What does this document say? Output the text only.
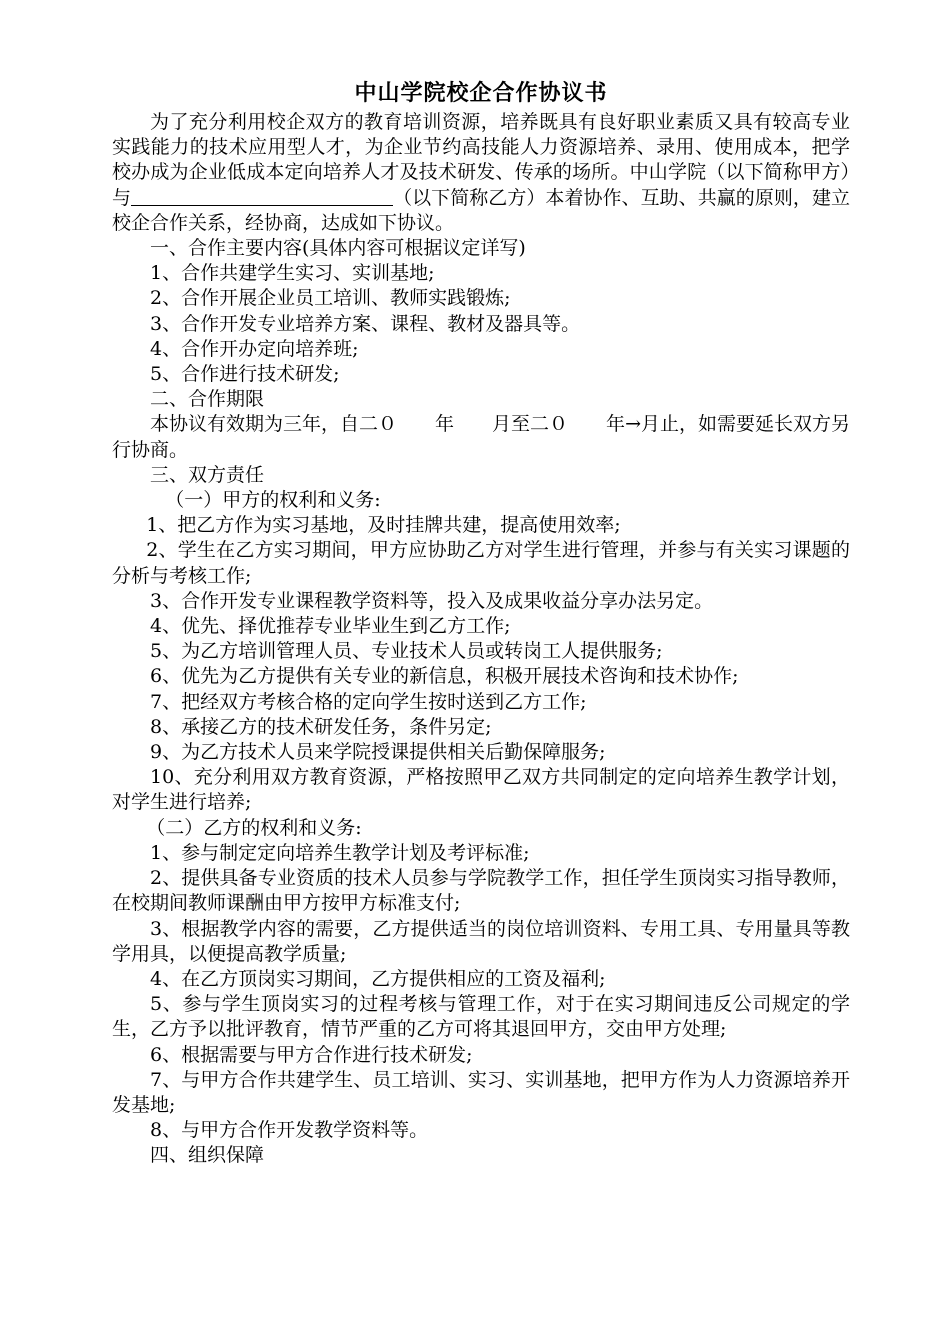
中山学院校企合作协议书

为了充分利用校企双方的教育培训资源，培养既具有良好职业素质又具有较高专业实践能力的技术应用型人才，为企业节约高技能人力资源培养、录用、使用成本，把学校办成为企业低成本定向培养人才及技术研发、传承的场所。中山学院（以下简称甲方）与	（以下简称乙方）本着协作、互助、共赢的原则，建立校企合作关系，经协商，达成如下协议。

一、合作主要内容(具体内容可根据议定详写)

1、合作共建学生实习、实训基地;

2、合作开展企业员工培训、教师实践锻炼;

3、合作开发专业培养方案、课程、教材及器具等。

4、合作开办定向培养班;

5、合作进行技术研发;

二、合作期限

本协议有效期为三年，自二０ 年 月至二０ 年→月止，如需要延长双方另行协商。

三、双方责任

（一）甲方的权利和义务:

1、把乙方作为实习基地，及时挂牌共建，提高使用效率;

2、学生在乙方实习期间，甲方应协助乙方对学生进行管理，并参与有关实习课题的分析与考核工作;

3、合作开发专业课程教学资料等，投入及成果收益分享办法另定。

4、优先、择优推荐专业毕业生到乙方工作;

5、为乙方培训管理人员、专业技术人员或转岗工人提供服务;

6、优先为乙方提供有关专业的新信息，积极开展技术咨询和技术协作;

7、把经双方考核合格的定向学生按时送到乙方工作;

8、承接乙方的技术研发任务，条件另定;

9、为乙方技术人员来学院授课提供相关后勤保障服务;

10、充分利用双方教育资源，严格按照甲乙双方共同制定的定向培养生教学计划，对学生进行培养;

（二）乙方的权利和义务:

1、参与制定定向培养生教学计划及考评标准;

2、提供具备专业资质的技术人员参与学院教学工作，担任学生顶岗实习指导教师，在校期间教师课酬由甲方按甲方标准支付;

3、根据教学内容的需要，乙方提供适当的岗位培训资料、专用工具、专用量具等教学用具，以便提高教学质量;

4、在乙方顶岗实习期间，乙方提供相应的工资及福利;

5、参与学生顶岗实习的过程考核与管理工作，对于在实习期间违反公司规定的学生，乙方予以批评教育，情节严重的乙方可将其退回甲方，交由甲方处理;

6、根据需要与甲方合作进行技术研发;

7、与甲方合作共建学生、员工培训、实习、实训基地，把甲方作为人力资源培养开发基地;

8、与甲方合作开发教学资料等。

四、组织保障
